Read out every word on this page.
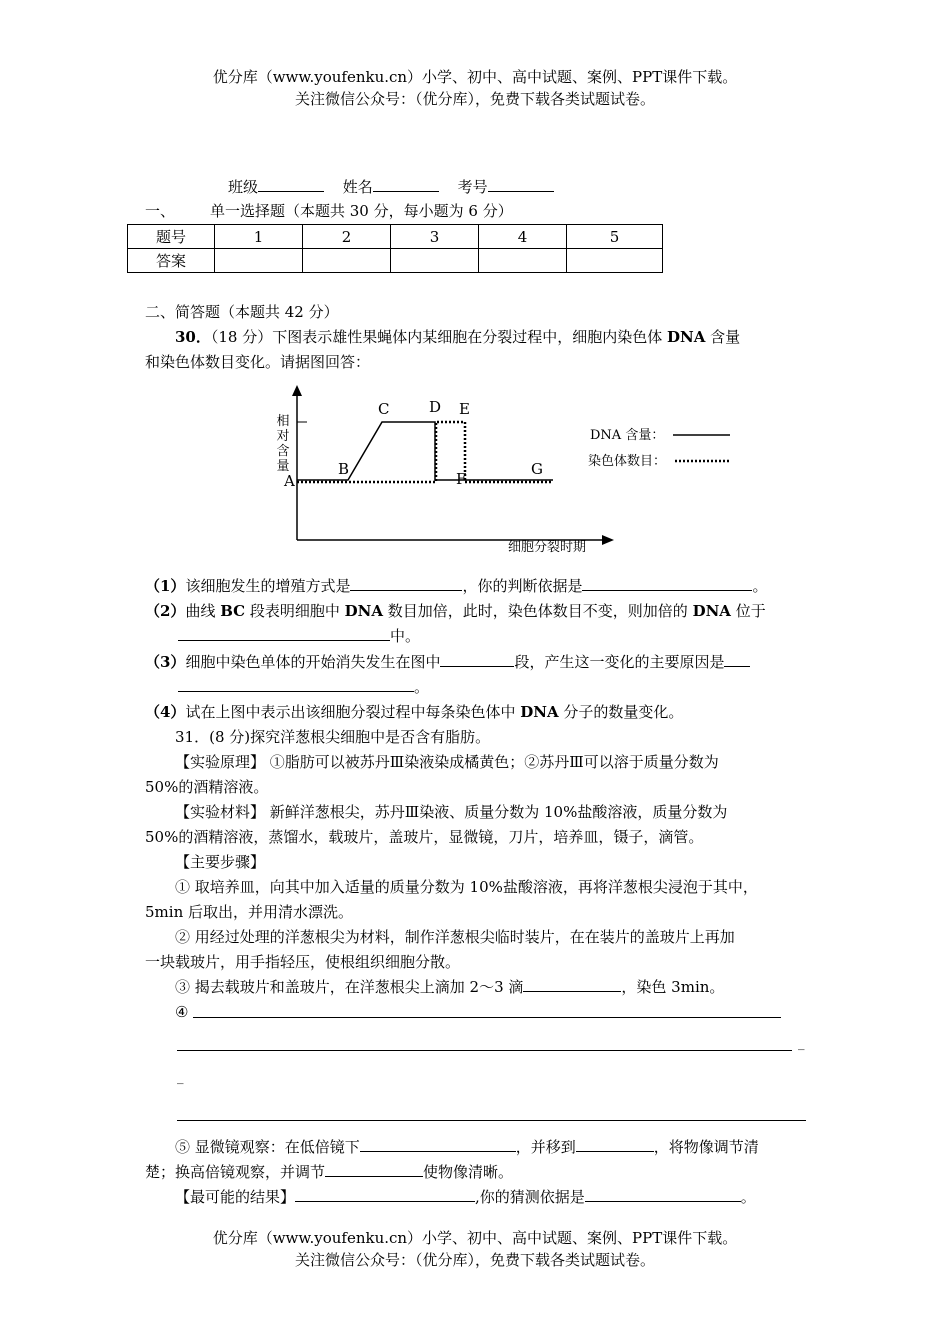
优分库（www.youfenku.cn）小学、初中、高中试题、案例、PPT课件下载。
关注微信公众号：（优分库），免费下载各类试题试卷。
班级	姓名	考号
一、 单一选择题（本题共 30 分，每小题为 6 分）
题号	1	2	3	4	5
答案					
二、简答题（本题共 42 分）
30．（18 分）下图表示雄性果蝇体内某细胞在分裂过程中，细胞内染色体 DNA 含量
和染色体数目变化。请据图回答：
相
对
含
量
A
B
C	D E
F
G
细胞分裂时期
DNA 含量：
染色体数目：
（1）该细胞发生的增殖方式是	，你的判断依据是	。
（2）曲线 BC 段表明细胞中 DNA 数目加倍，此时，染色体数目不变，则加倍的 DNA 位于
中。
（3）细胞中染色单体的开始消失发生在图中	段，产生这一变化的主要原因是
。
（4）试在上图中表示出该细胞分裂过程中每条染色体中 DNA 分子的数量变化。
31．(8 分)探究洋葱根尖细胞中是否含有脂肪。
【实验原理】 ①脂肪可以被苏丹Ⅲ染液染成橘黄色；②苏丹Ⅲ可以溶于质量分数为
50%的酒精溶液。
【实验材料】 新鲜洋葱根尖，苏丹Ⅲ染液、质量分数为 10%盐酸溶液，质量分数为
50%的酒精溶液，蒸馏水，载玻片，盖玻片，显微镜，刀片，培养皿，镊子，滴管。
【主要步骤】
① 取培养皿，向其中加入适量的质量分数为 10%盐酸溶液，再将洋葱根尖浸泡于其中，
5min 后取出，并用清水漂洗。
② 用经过处理的洋葱根尖为材料，制作洋葱根尖临时装片，在在装片的盖玻片上再加
一块载玻片，用手指轻压，使根组织细胞分散。
③ 揭去载玻片和盖玻片，在洋葱根尖上滴加 2～3 滴	，染色 3min。
④
_
_
⑤ 显微镜观察：在低倍镜下	，并移到	，将物像调节清
楚；换高倍镜观察，并调节	使物像清晰。
【最可能的结果】	,你的猜测依据是	。
优分库（www.youfenku.cn）小学、初中、高中试题、案例、PPT课件下载。
关注微信公众号：（优分库），免费下载各类试题试卷。
